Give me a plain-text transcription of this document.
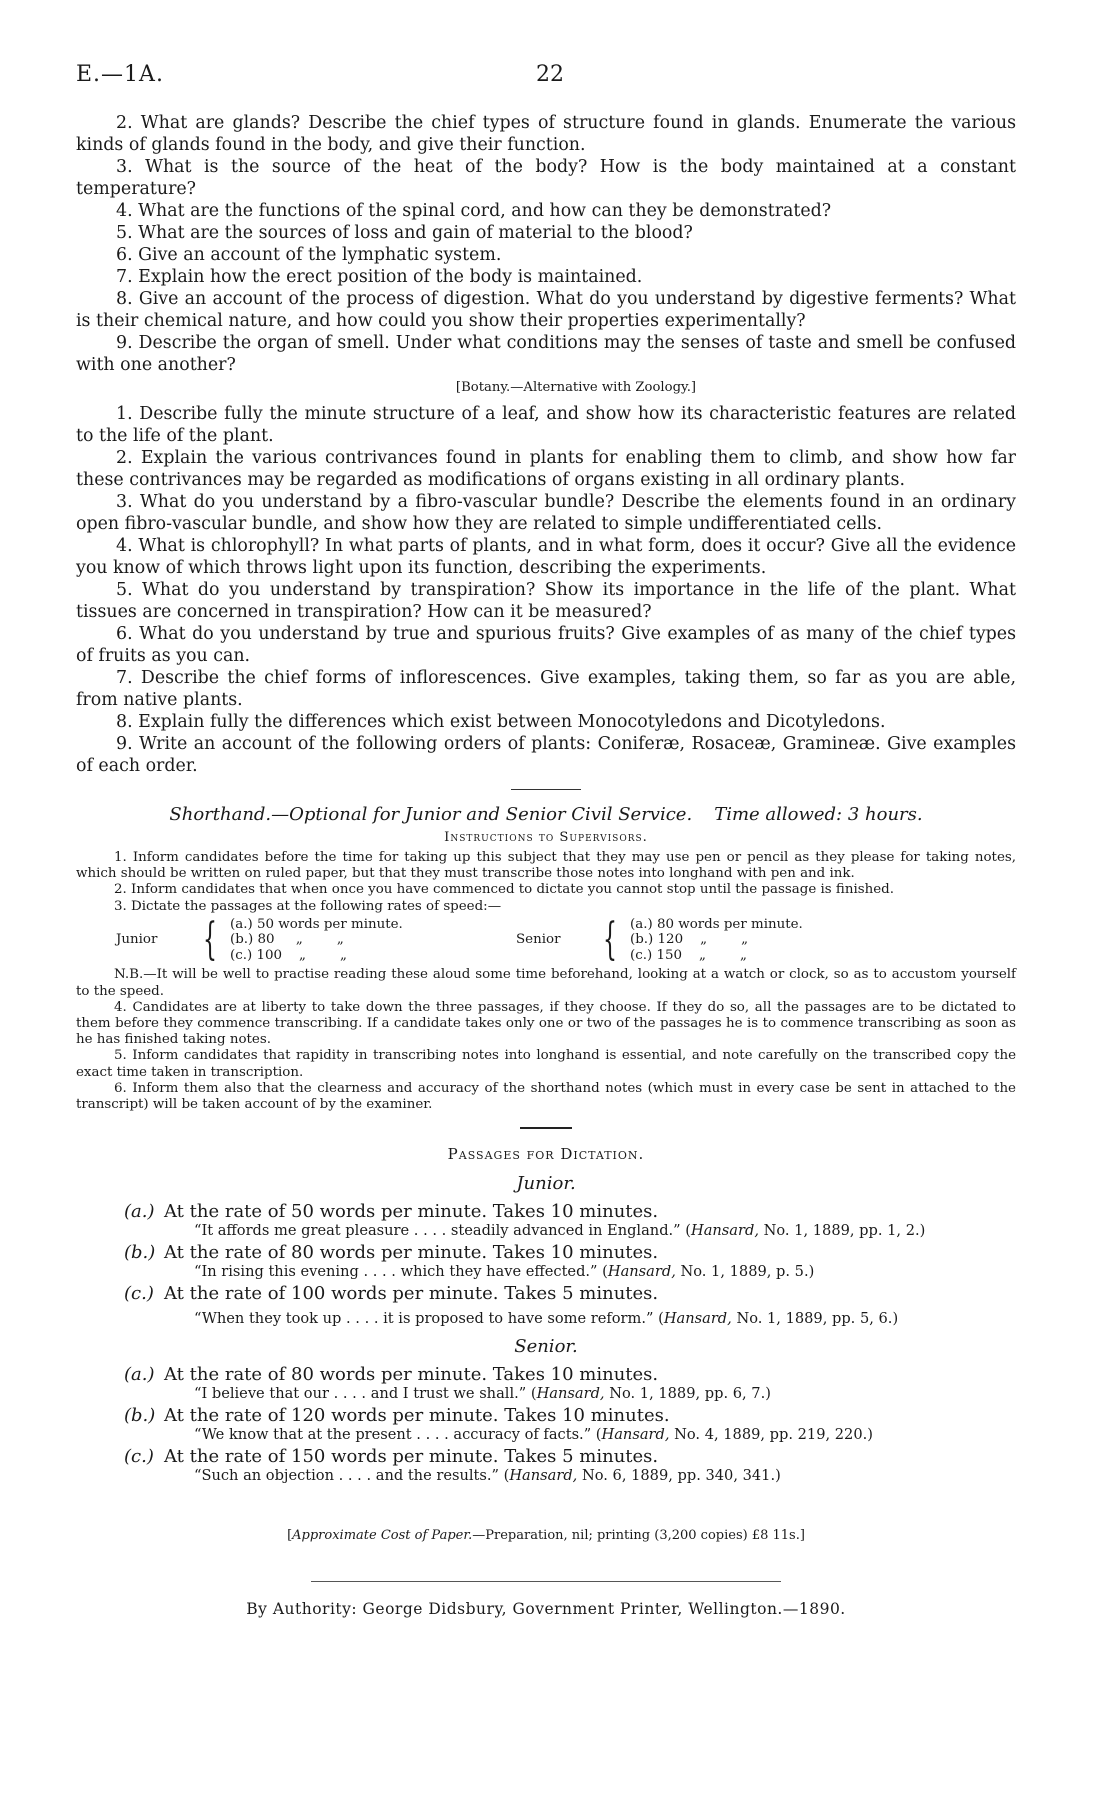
E.—1A.	22

2. What are glands? Describe the chief types of structure found in glands. Enumerate the various kinds of glands found in the body, and give their function.

3. What is the source of the heat of the body? How is the body maintained at a constant temperature?

4. What are the functions of the spinal cord, and how can they be demonstrated?

5. What are the sources of loss and gain of material to the blood?

6. Give an account of the lymphatic system.

7. Explain how the erect position of the body is maintained.

8. Give an account of the process of digestion. What do you understand by digestive ferments? What is their chemical nature, and how could you show their properties experimentally?

9. Describe the organ of smell. Under what conditions may the senses of taste and smell be confused with one another?

[Botany.—Alternative with Zoology.]

1. Describe fully the minute structure of a leaf, and show how its characteristic features are related to the life of the plant.

2. Explain the various contrivances found in plants for enabling them to climb, and show how far these contrivances may be regarded as modifications of organs existing in all ordinary plants.

3. What do you understand by a fibro-vascular bundle? Describe the elements found in an ordinary open fibro-vascular bundle, and show how they are related to simple undifferentiated cells.

4. What is chlorophyll? In what parts of plants, and in what form, does it occur? Give all the evidence you know of which throws light upon its function, describing the experiments.

5. What do you understand by transpiration? Show its importance in the life of the plant. What tissues are concerned in transpiration? How can it be measured?

6. What do you understand by true and spurious fruits? Give examples of as many of the chief types of fruits as you can.

7. Describe the chief forms of inflorescences. Give examples, taking them, so far as you are able, from native plants.

8. Explain fully the differences which exist between Monocotyledons and Dicotyledons.

9. Write an account of the following orders of plants: Coniferæ, Rosaceæ, Gramineæ. Give examples of each order.

Shorthand.—Optional for Junior and Senior Civil Service. Time allowed: 3 hours.

Instructions to Supervisors.

1. Inform candidates before the time for taking up this subject that they may use pen or pencil as they please for taking notes, which should be written on ruled paper, but that they must transcribe those notes into longhand with pen and ink.

2. Inform candidates that when once you have commenced to dictate you cannot stop until the passage is finished.

3. Dictate the passages at the following rates of speed:—

Junior	{ (a.) 50 words per minute.
(b.) 80     „        „
(c.) 100    „        „
Senior { (a.) 80 words per minute.
(b.) 120    „        „
(c.) 150    „        „

N.B.—It will be well to practise reading these aloud some time beforehand, looking at a watch or clock, so as to accustom yourself to the speed.

4. Candidates are at liberty to take down the three passages, if they choose. If they do so, all the passages are to be dictated to them before they commence transcribing. If a candidate takes only one or two of the passages he is to commence transcribing as soon as he has finished taking notes.

5. Inform candidates that rapidity in transcribing notes into longhand is essential, and note carefully on the transcribed copy the exact time taken in transcription.

6. Inform them also that the clearness and accuracy of the shorthand notes (which must in every case be sent in attached to the transcript) will be taken account of by the examiner.

Passages for Dictation.

Junior.

(a.) At the rate of 50 words per minute. Takes 10 minutes.

“It affords me great pleasure . . . . steadily advanced in England.” (Hansard, No. 1, 1889, pp. 1, 2.)

(b.) At the rate of 80 words per minute. Takes 10 minutes.

“In rising this evening . . . . which they have effected.” (Hansard, No. 1, 1889, p. 5.)

(c.) At the rate of 100 words per minute. Takes 5 minutes.

“When they took up . . . . it is proposed to have some reform.” (Hansard, No. 1, 1889, pp. 5, 6.)

Senior.

(a.) At the rate of 80 words per minute. Takes 10 minutes.

“I believe that our . . . . and I trust we shall.” (Hansard, No. 1, 1889, pp. 6, 7.)

(b.) At the rate of 120 words per minute. Takes 10 minutes.

“We know that at the present . . . . accuracy of facts.” (Hansard, No. 4, 1889, pp. 219, 220.)

(c.) At the rate of 150 words per minute. Takes 5 minutes.

“Such an objection . . . . and the results.” (Hansard, No. 6, 1889, pp. 340, 341.)

[Approximate Cost of Paper.—Preparation, nil; printing (3,200 copies) £8 11s.]

By Authority: George Didsbury, Government Printer, Wellington.—1890.
